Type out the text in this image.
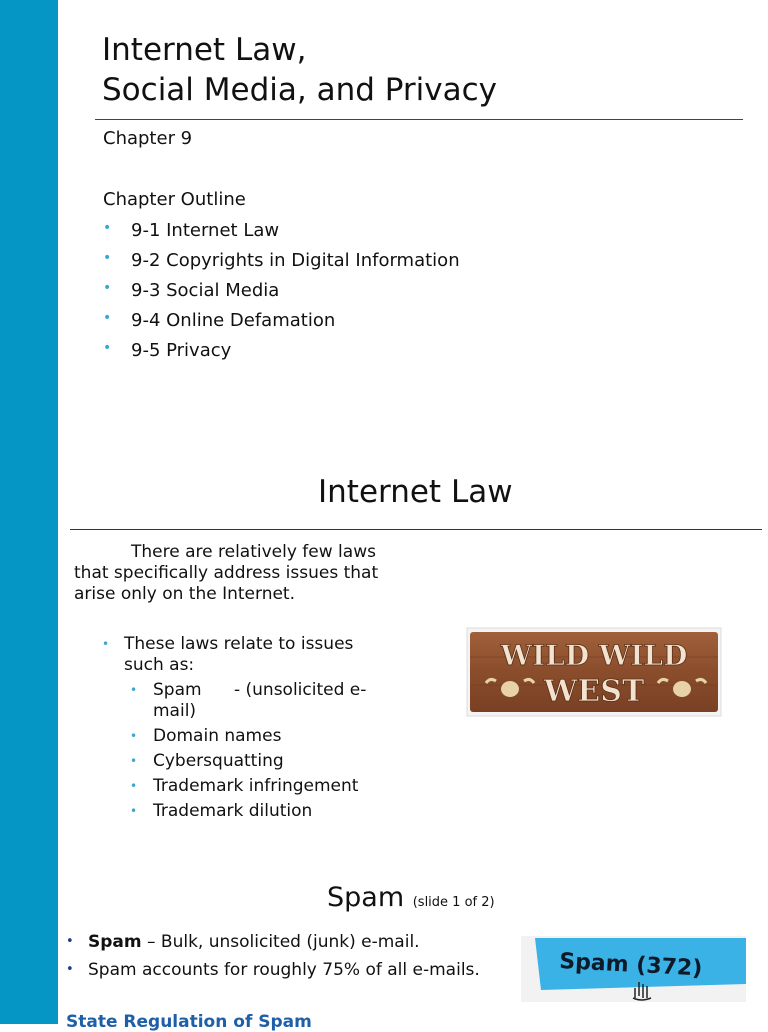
Internet Law,
Social Media, and Privacy
Chapter 9
Chapter Outline
• 9-1 Internet Law
• 9-2 Copyrights in Digital Information
• 9-3 Social Media
• 9-4 Online Defamation
• 9-5 Privacy
Internet Law

There are relatively few laws that specifically address issues that arise only on the Internet.

• These laws relate to issues such as:
• Spam      - (unsolicited e-mail)
• Domain names
• Cybersquatting
• Trademark infringement
• Trademark dilution
WILD WILD
WEST
Spam (slide 1 of 2)
• Spam – Bulk, unsolicited (junk) e-mail.
• Spam accounts for roughly 75% of all e-mails.	Spam (372)
State Regulation of Spam
